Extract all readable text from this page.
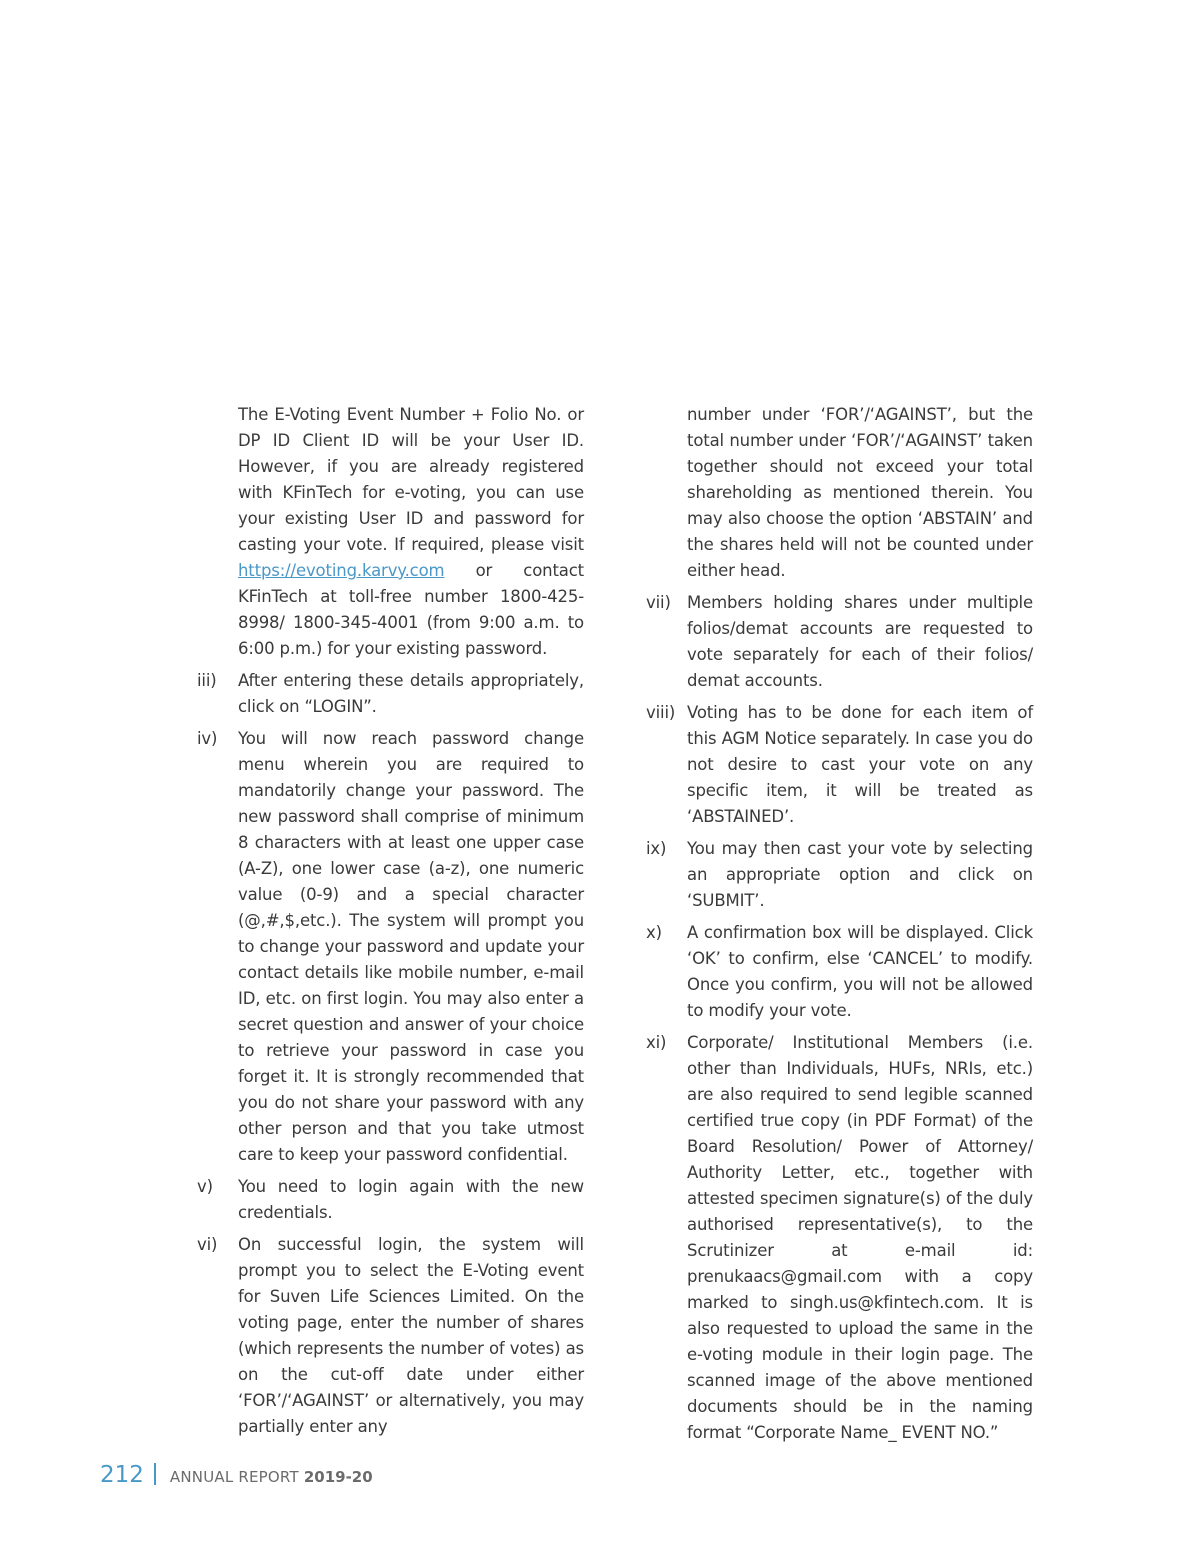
The E-Voting Event Number + Folio No. or DP ID Client ID will be your User ID. However, if you are already registered with KFinTech for e-voting, you can use your existing User ID and password for casting your vote. If required, please visit https://evoting.karvy.com or contact KFinTech at toll-free number 1800-425-8998/ 1800-345-4001 (from 9:00 a.m. to 6:00 p.m.) for your existing password.
iii)	After entering these details appropriately, click on “LOGIN”.
iv)	You will now reach password change menu wherein you are required to mandatorily change your password. The new password shall comprise of minimum 8 characters with at least one upper case (A-Z), one lower case (a-z), one numeric value (0-9) and a special character (@,#,$,etc.). The system will prompt you to change your password and update your contact details like mobile number, e-mail ID, etc. on first login. You may also enter a secret question and answer of your choice to retrieve your password in case you forget it. It is strongly recommended that you do not share your password with any other person and that you take utmost care to keep your password confidential.
v)	You need to login again with the new credentials.
vi)	On successful login, the system will prompt you to select the E-Voting event for Suven Life Sciences Limited. On the voting page, enter the number of shares (which represents the number of votes) as on the cut-off date under either ‘FOR’/‘AGAINST’ or alternatively, you may partially enter any
number under ‘FOR’/‘AGAINST’, but the total number under ‘FOR’/‘AGAINST’ taken together should not exceed your total shareholding as mentioned therein. You may also choose the option ‘ABSTAIN’ and the shares held will not be counted under either head.
vii) Members holding shares under multiple folios/demat accounts are requested to vote separately for each of their folios/ demat accounts.
viii) Voting has to be done for each item of this AGM Notice separately. In case you do not desire to cast your vote on any specific item, it will be treated as ‘ABSTAINED’.
ix)	You may then cast your vote by selecting an appropriate option and click on ‘SUBMIT’.
x)	A confirmation box will be displayed. Click ‘OK’ to confirm, else ‘CANCEL’ to modify. Once you confirm, you will not be allowed to modify your vote.
xi)	Corporate/ Institutional Members (i.e. other than Individuals, HUFs, NRIs, etc.) are also required to send legible scanned certified true copy (in PDF Format) of the Board Resolution/ Power of Attorney/ Authority Letter, etc., together with attested specimen signature(s) of the duly authorised representative(s), to the Scrutinizer at e-mail id: prenukaacs@gmail.com with a copy marked to singh.us@kfintech.com. It is also requested to upload the same in the e-voting module in their login page. The scanned image of the above mentioned documents should be in the naming format “Corporate Name_ EVENT NO.”
212 ANNUAL REPORT 2019-20
